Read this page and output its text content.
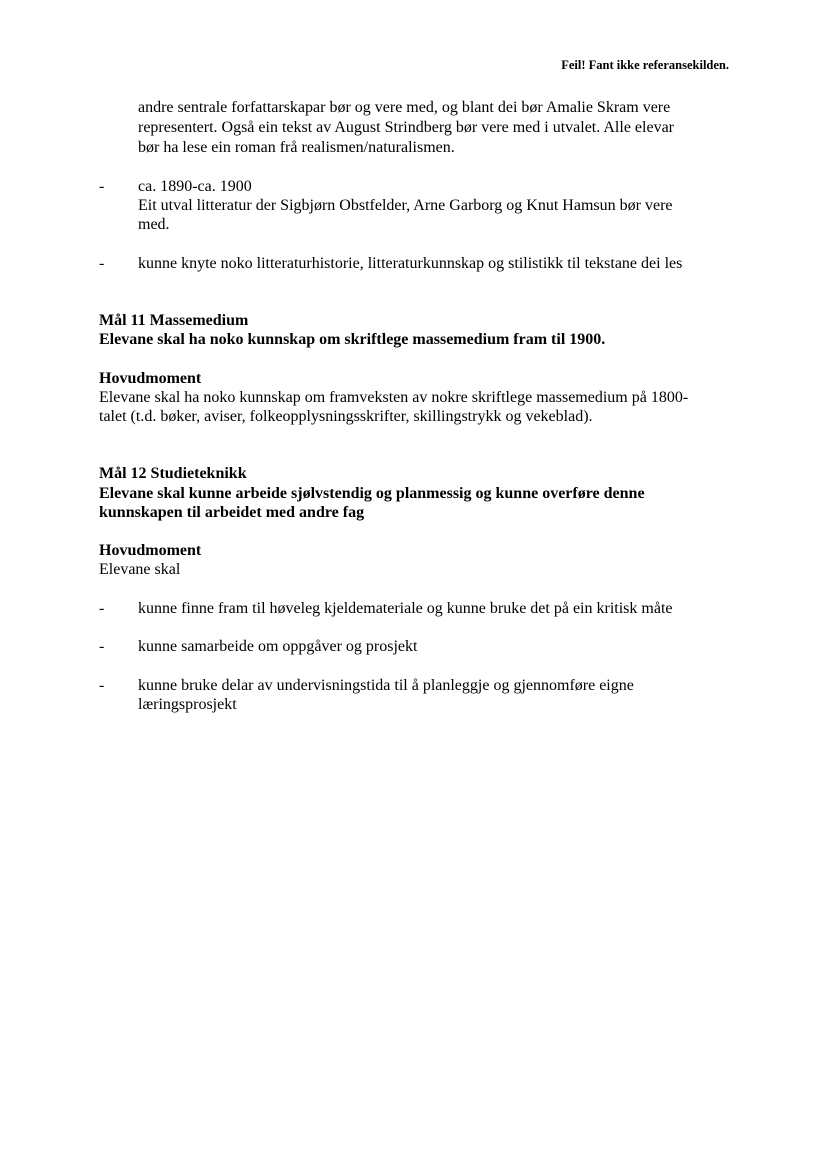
Feil! Fant ikke referansekilden.
andre sentrale forfattarskapar bør og vere med, og blant dei bør Amalie Skram vere
representert. Også ein tekst av August Strindberg bør vere med i utvalet. Alle elevar
bør ha lese ein roman frå realismen/naturalismen.
- ca. 1890-ca. 1900
Eit utval litteratur der Sigbjørn Obstfelder, Arne Garborg og Knut Hamsun bør vere
med.
- kunne knyte noko litteraturhistorie, litteraturkunnskap og stilistikk til tekstane dei les
Mål 11 Massemedium
Elevane skal ha noko kunnskap om skriftlege massemedium fram til 1900.
Hovudmoment
Elevane skal ha noko kunnskap om framveksten av nokre skriftlege massemedium på 1800-
talet (t.d. bøker, aviser, folkeopplysningsskrifter, skillingstrykk og vekeblad).
Mål 12 Studieteknikk
Elevane skal kunne arbeide sjølvstendig og planmessig og kunne overføre denne
kunnskapen til arbeidet med andre fag
Hovudmoment
Elevane skal
- kunne finne fram til høveleg kjeldemateriale og kunne bruke det på ein kritisk måte
- kunne samarbeide om oppgåver og prosjekt
- kunne bruke delar av undervisningstida til å planleggje og gjennomføre eigne
læringsprosjekt
